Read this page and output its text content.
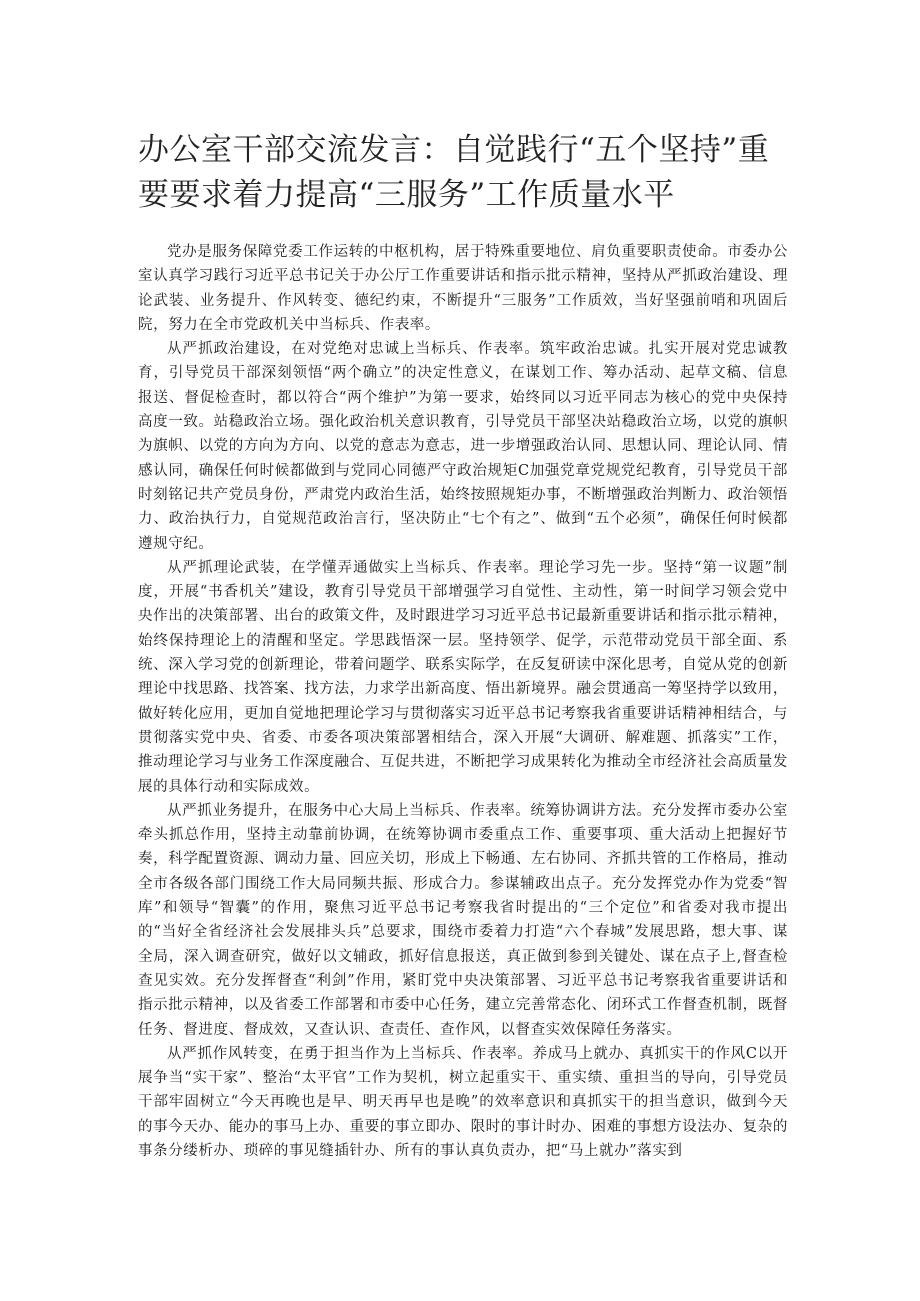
办公室干部交流发言：自觉践行“五个坚持”重要要求着力提高“三服务”工作质量水平

党办是服务保障党委工作运转的中枢机构，居于特殊重要地位、肩负重要职责使命。市委办公室认真学习践行习近平总书记关于办公厅工作重要讲话和指示批示精神，坚持从严抓政治建设、理论武装、业务提升、作风转变、德纪约束，不断提升“三服务”工作质效，当好坚强前哨和巩固后院，努力在全市党政机关中当标兵、作表率。

从严抓政治建设，在对党绝对忠诚上当标兵、作表率。筑牢政治忠诚。扎实开展对党忠诚教育，引导党员干部深刻领悟“两个确立”的决定性意义，在谋划工作、筹办活动、起草文稿、信息报送、督促检查时，都以符合“两个维护”为第一要求，始终同以习近平同志为核心的党中央保持高度一致。站稳政治立场。强化政治机关意识教育，引导党员干部坚决站稳政治立场，以党的旗帜为旗帜、以党的方向为方向、以党的意志为意志，进一步增强政治认同、思想认同、理论认同、情感认同，确保任何时候都做到与党同心同德严守政治规矩C加强党章党规党纪教育，引导党员干部时刻铭记共产党员身份，严肃党内政治生活，始终按照规矩办事，不断增强政治判断力、政治领悟力、政治执行力，自觉规范政治言行，坚决防止“七个有之”、做到“五个必须”，确保任何时候都遵规守纪。

从严抓理论武装，在学懂弄通做实上当标兵、作表率。理论学习先一步。坚持“第一议题”制度，开展“书香机关”建设，教育引导党员干部增强学习自觉性、主动性，第一时间学习领会党中央作出的决策部署、出台的政策文件，及时跟进学习习近平总书记最新重要讲话和指示批示精神，始终保持理论上的清醒和坚定。学思践悟深一层。坚持领学、促学，示范带动党员干部全面、系统、深入学习党的创新理论，带着问题学、联系实际学，在反复研读中深化思考，自觉从党的创新理论中找思路、找答案、找方法，力求学出新高度、悟出新境界。融会贯通高一筹坚持学以致用，做好转化应用，更加自觉地把理论学习与贯彻落实习近平总书记考察我省重要讲话精神相结合，与贯彻落实党中央、省委、市委各项决策部署相结合，深入开展“大调研、解难题、抓落实”工作，推动理论学习与业务工作深度融合、互促共进，不断把学习成果转化为推动全市经济社会高质量发展的具体行动和实际成效。

从严抓业务提升，在服务中心大局上当标兵、作表率。统筹协调讲方法。充分发挥市委办公室牵头抓总作用，坚持主动靠前协调，在统筹协调市委重点工作、重要事项、重大活动上把握好节奏，科学配置资源、调动力量、回应关切，形成上下畅通、左右协同、齐抓共管的工作格局，推动全市各级各部门围绕工作大局同频共振、形成合力。参谋辅政出点子。充分发挥党办作为党委“智库”和领导“智囊”的作用，聚焦习近平总书记考察我省时提出的“三个定位”和省委对我市提出的“当好全省经济社会发展排头兵”总要求，围绕市委着力打造“六个春城”发展思路，想大事、谋全局，深入调查研究，做好以文辅政，抓好信息报送，真正做到参到关键处、谋在点子上,督查检查见实效。充分发挥督查“利剑”作用，紧盯党中央决策部署、习近平总书记考察我省重要讲话和指示批示精神，以及省委工作部署和市委中心任务，建立完善常态化、闭环式工作督查机制，既督任务、督进度、督成效，又查认识、查责任、查作风，以督查实效保障任务落实。

从严抓作风转变，在勇于担当作为上当标兵、作表率。养成马上就办、真抓实干的作风C以开展争当“实干家”、整治“太平官”工作为契机，树立起重实干、重实绩、重担当的导向，引导党员干部牢固树立“今天再晚也是早、明天再早也是晚”的效率意识和真抓实干的担当意识，做到今天的事今天办、能办的事马上办、重要的事立即办、限时的事计时办、困难的事想方设法办、复杂的事条分缕析办、琐碎的事见缝插针办、所有的事认真负责办，把“马上就办”落实到
